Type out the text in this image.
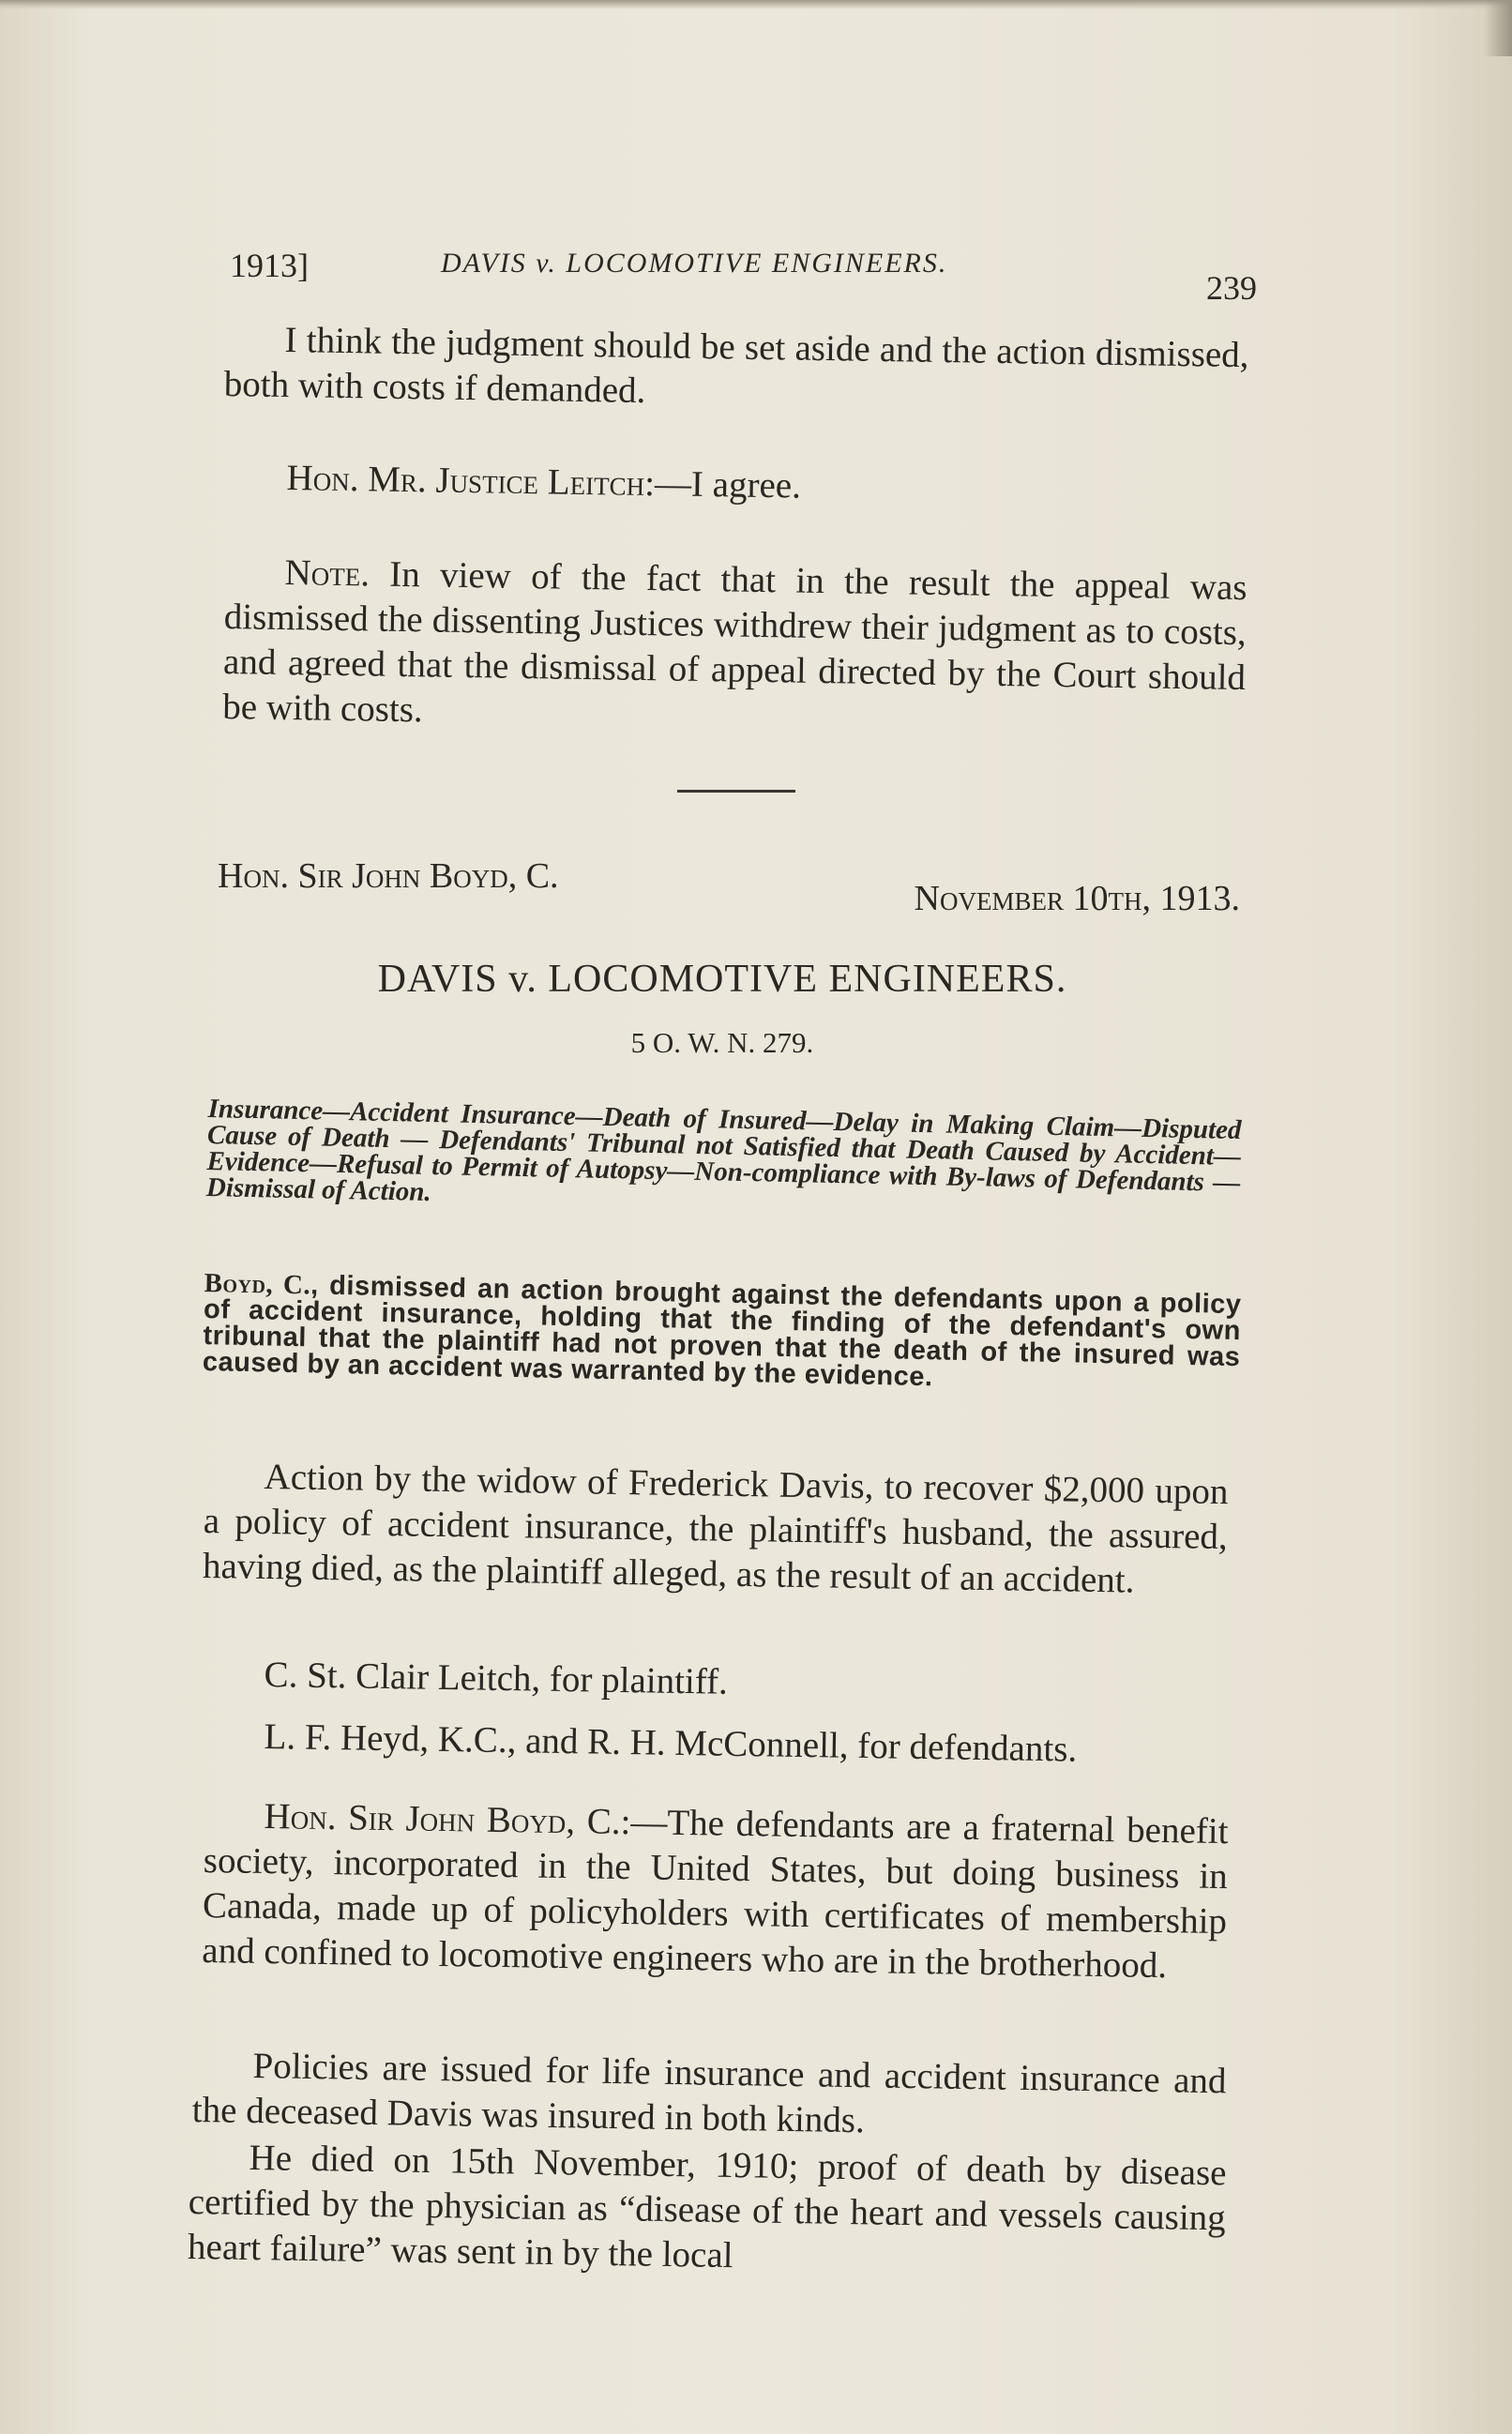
1913]	DAVIS v. LOCOMOTIVE ENGINEERS.
239

I think the judgment should be set aside and the action dismissed, both with costs if demanded.

Hon. Mr. Justice Leitch:—I agree.

Note. In view of the fact that in the result the appeal was dismissed the dissenting Justices withdrew their judgment as to costs, and agreed that the dismissal of appeal directed by the Court should be with costs.

Hon. Sir John Boyd, C.
November 10th, 1913.
DAVIS v. LOCOMOTIVE ENGINEERS.
5 O. W. N. 279.

Insurance—Accident Insurance—Death of Insured—Delay in Making Claim—Disputed Cause of Death — Defendants' Tribunal not Satisfied that Death Caused by Accident—Evidence—Refusal to Permit of Autopsy—Non-compliance with By-laws of Defendants —Dismissal of Action.

Boyd, C., dismissed an action brought against the defendants upon a policy of accident insurance, holding that the finding of the defendant's own tribunal that the plaintiff had not proven that the death of the insured was caused by an accident was warranted by the evidence.

Action by the widow of Frederick Davis, to recover $2,000 upon a policy of accident insurance, the plaintiff's husband, the assured, having died, as the plaintiff alleged, as the result of an accident.

C. St. Clair Leitch, for plaintiff.

L. F. Heyd, K.C., and R. H. McConnell, for defendants.

Hon. Sir John Boyd, C.:—The defendants are a fraternal benefit society, incorporated in the United States, but doing business in Canada, made up of policyholders with certificates of membership and confined to locomotive engineers who are in the brotherhood.

Policies are issued for life insurance and accident insurance and the deceased Davis was insured in both kinds.

He died on 15th November, 1910; proof of death by disease certified by the physician as “disease of the heart and vessels causing heart failure” was sent in by the local
